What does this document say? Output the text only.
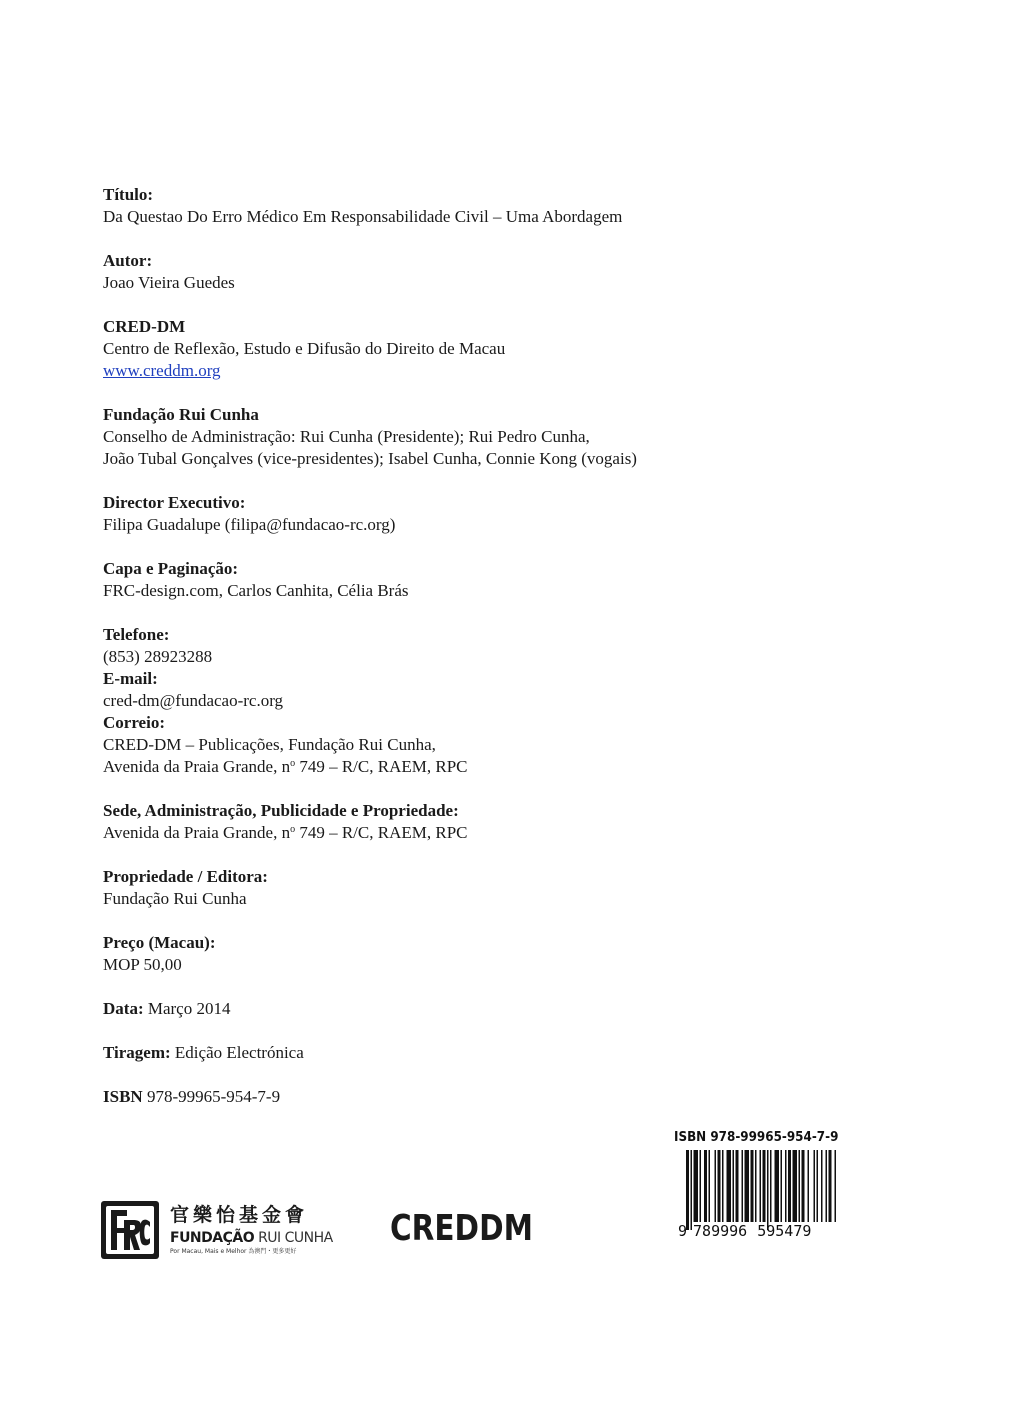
Título:
Da Questao Do Erro Médico Em Responsabilidade Civil – Uma Abordagem
Autor:
Joao Vieira Guedes
CRED-DM
Centro de Reflexão, Estudo e Difusão do Direito de Macau
www.creddm.org
Fundação Rui Cunha
Conselho de Administração: Rui Cunha (Presidente); Rui Pedro Cunha,
João Tubal Gonçalves (vice-presidentes); Isabel Cunha, Connie Kong (vogais)
Director Executivo:
Filipa Guadalupe (filipa@fundacao-rc.org)
Capa e Paginação:
FRC-design.com, Carlos Canhita, Célia Brás
Telefone:
(853) 28923288
E-mail:
cred-dm@fundacao-rc.org
Correio:
CRED-DM – Publicações, Fundação Rui Cunha,
Avenida da Praia Grande, $n^o$ 749 – R/C, RAEM, RPC
Sede, Administração, Publicidade e Propriedade:
Avenida da Praia Grande, $n^o$ 749 – R/C, RAEM, RPC
Propriedade / Editora:
Fundação Rui Cunha
Preço (Macau):
MOP 50,00
Data: Março 2014
Tiragem: Edição Electrónica
ISBN 978-99965-954-7-9
官樂怡基金會
FUNDAÇÃO RUI CUNHA
Por Macau, Mais e Melhor 為澳門・更多更好
CREDDM
ISBN 978-99965-954-7-9
9 789996 595479
